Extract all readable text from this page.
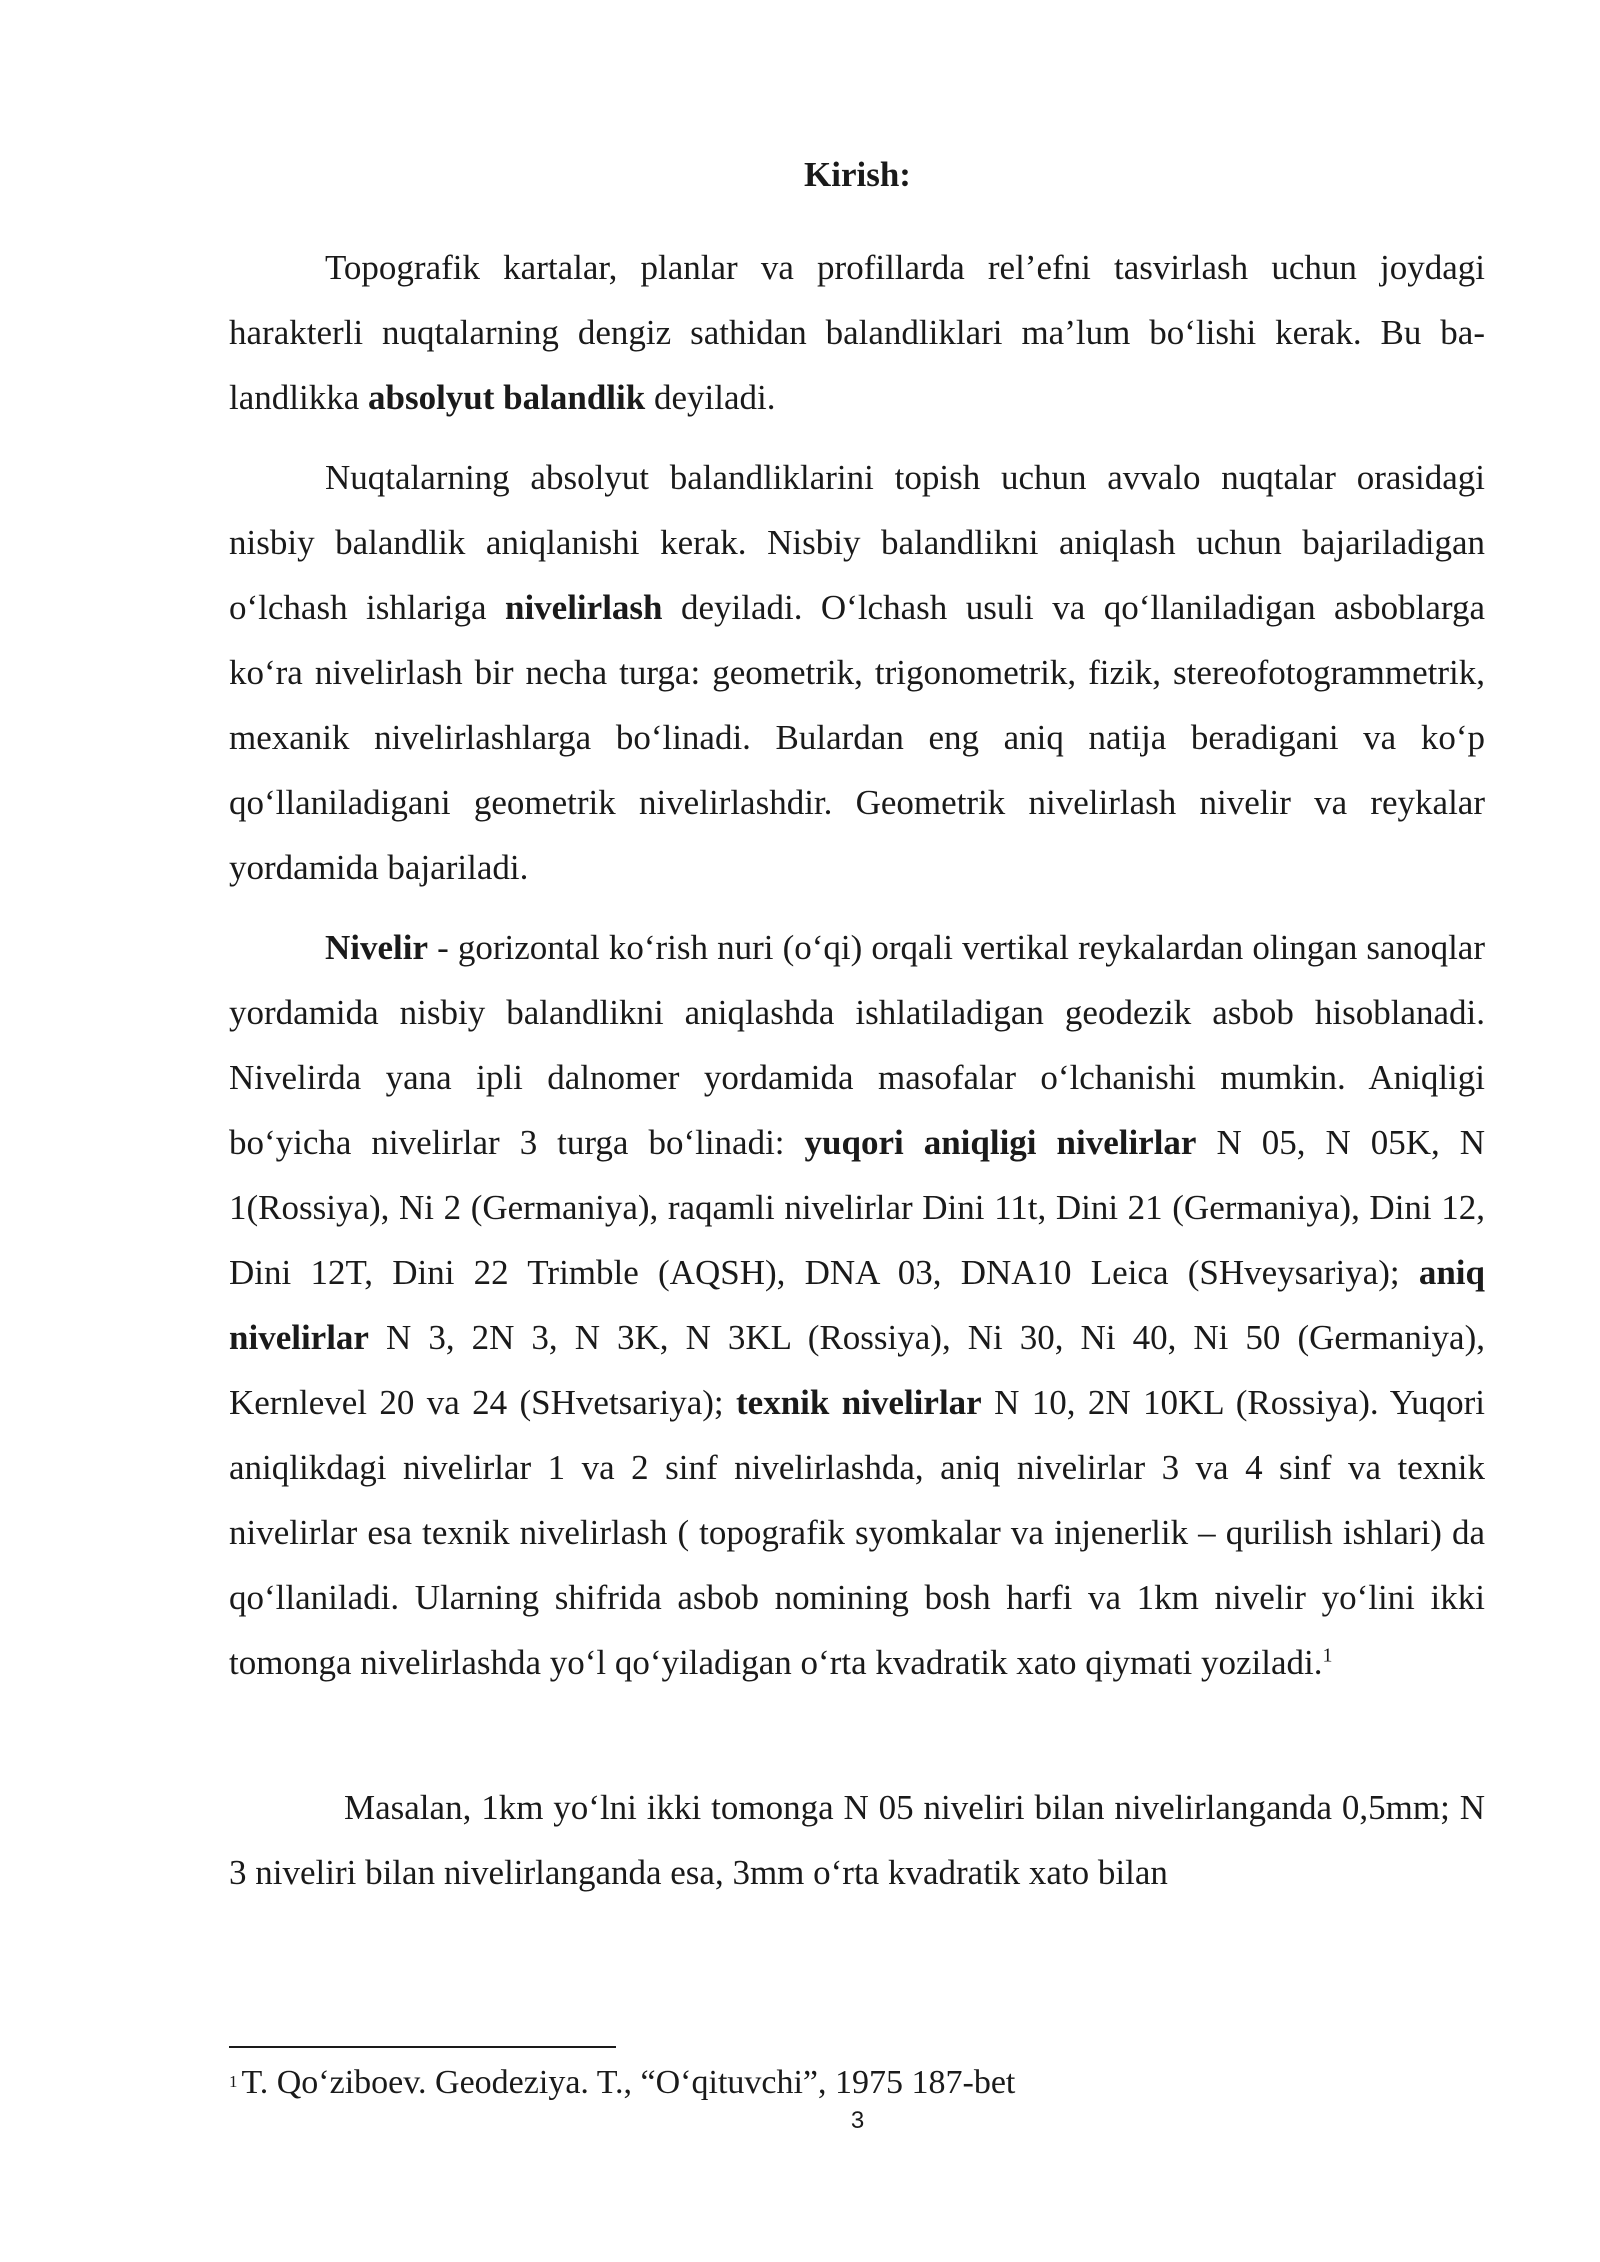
Kirish:

Topografik kartalar, planlar va profillarda rel’efni tasvirlash uchun joydagi harakterli nuqtalarning dengiz sathidan balandliklari ma’lum bo‘lishi kerak. Bu ba-landlikka absolyut balandlik deyiladi.

Nuqtalarning absolyut balandliklarini topish uchun avvalo nuqtalar orasidagi nisbiy balandlik aniqlanishi kerak. Nisbiy balandlikni aniqlash uchun bajariladigan o‘lchash ishlariga nivelirlash deyiladi. O‘lchash usuli va qo‘llaniladigan asboblarga ko‘ra nivelirlash bir necha turga: geometrik, trigonometrik, fizik, stereofotogrammetrik, mexanik nivelirlashlarga bo‘linadi. Bulardan eng aniq natija beradigani va ko‘p qo‘llaniladigani geometrik nivelirlashdir. Geometrik nivelirlash nivelir va reykalar yordamida bajariladi.

Nivelir - gorizontal ko‘rish nuri (o‘qi) orqali vertikal reykalardan olingan sanoqlar yordamida nisbiy balandlikni aniqlashda ishlatiladigan geodezik asbob hisoblanadi. Nivelirda yana ipli dalnomer yordamida masofalar o‘lchanishi mumkin. Aniqligi bo‘yicha nivelirlar 3 turga bo‘linadi: yuqori aniqligi nivelirlar N 05, N 05K, N 1(Rossiya), Ni 2 (Germaniya), raqamli nivelirlar Dini 11t, Dini 21 (Germaniya), Dini 12, Dini 12T, Dini 22 Trimble (AQSH), DNA 03, DNA10 Leica (SHveysariya); aniq nivelirlar N 3, 2N 3, N 3K, N 3KL (Rossiya), Ni 30, Ni 40, Ni 50 (Germaniya), Kernlevel 20 va 24 (SHvetsariya); texnik nivelirlar N 10, 2N 10KL (Rossiya). Yuqori aniqlikdagi nivelirlar 1 va 2 sinf nivelirlashda, aniq nivelirlar 3 va 4 sinf va texnik nivelirlar esa texnik nivelirlash ( topografik syomkalar va injenerlik – qurilish ishlari) da qo‘llaniladi. Ularning shifrida asbob nomining bosh harfi va 1km nivelir yo‘lini ikki tomonga nivelirlashda yo‘l qo‘yiladigan o‘rta kvadratik xato qiymati yoziladi.$^1$

Masalan, 1km yo‘lni ikki tomonga N 05 niveliri bilan nivelirlanganda 0,5mm; N 3 niveliri bilan nivelirlanganda esa, 3mm o‘rta kvadratik xato bilan

1 T. Qo‘ziboev. Geodeziya. T., “O‘qituvchi”, 1975 187-bet
3
